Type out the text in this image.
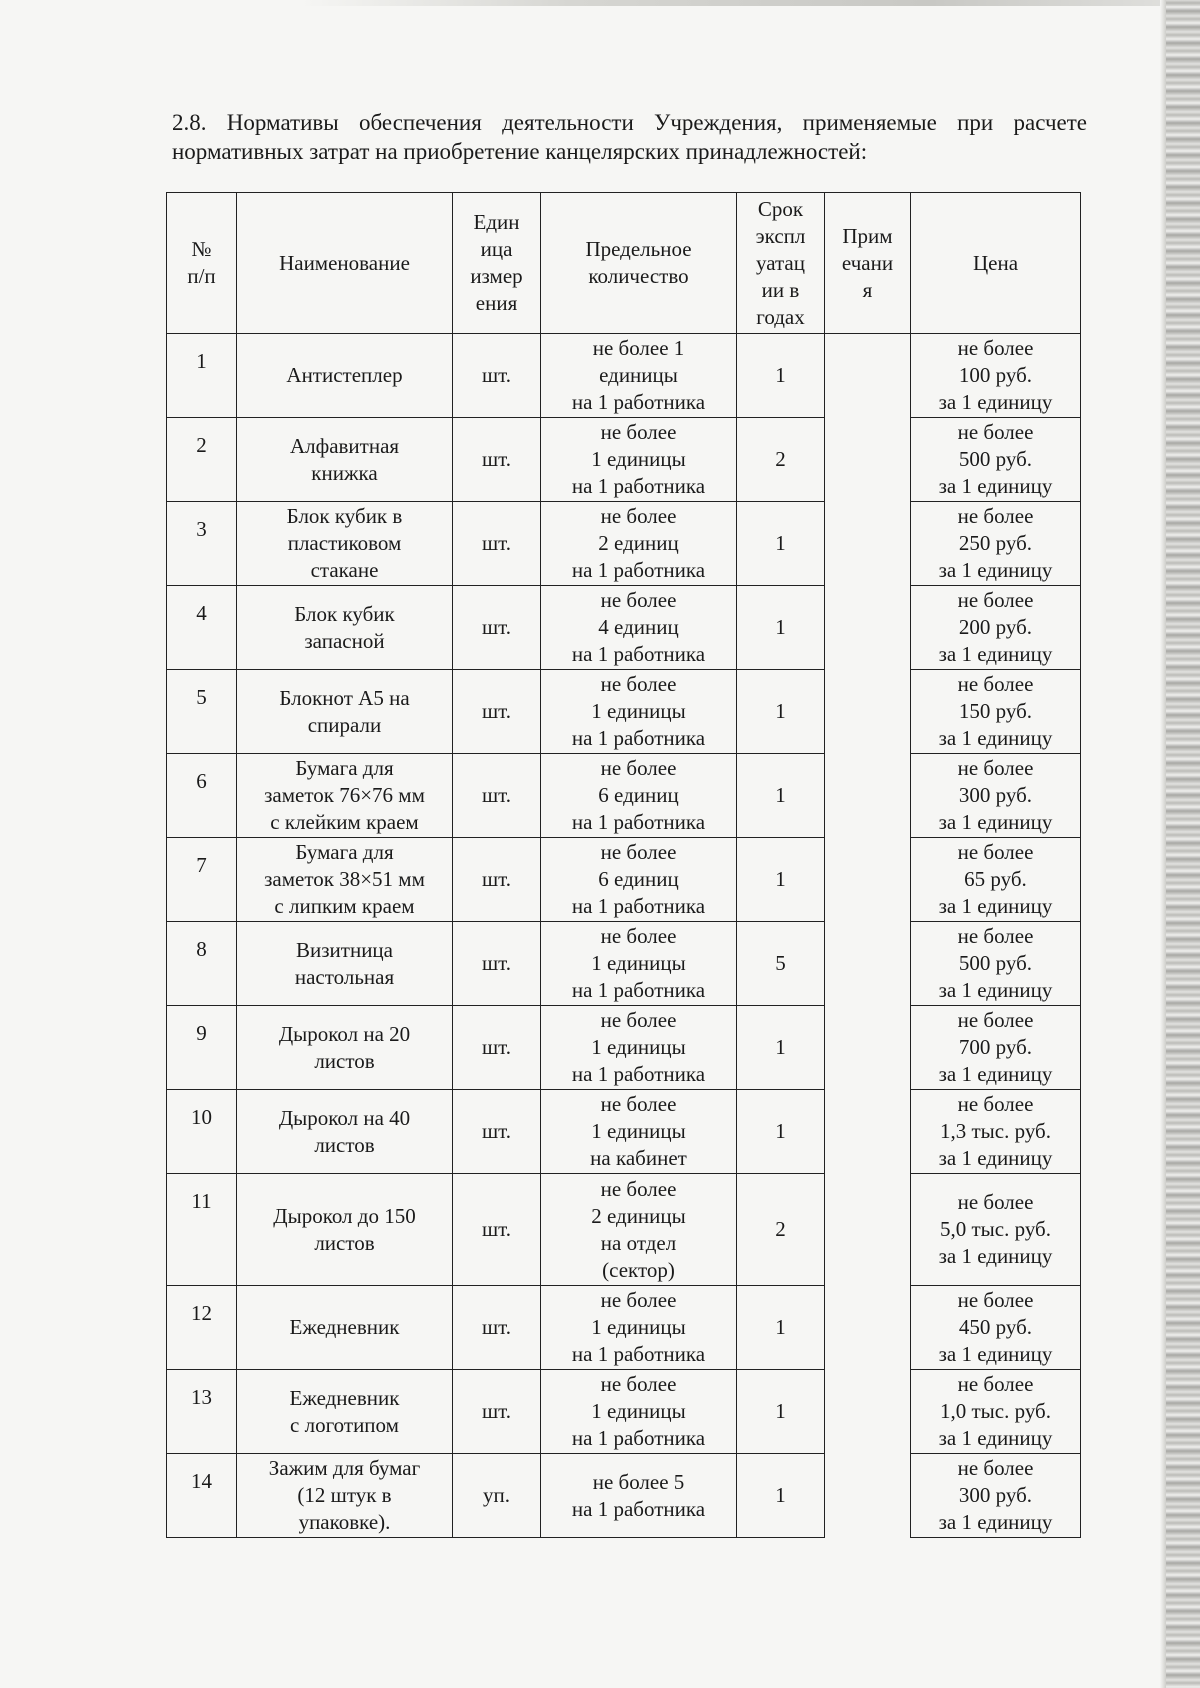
2.8. Нормативы обеспечения деятельности Учреждения, применяемые при расчете нормативных затрат на приобретение канцелярских принадлежностей:
№
п/п	Наименование	Един
ица
измер
ения	Предельное
количество	Срок
экспл
уатац
ии в
годах	Прим
ечани
я	Цена
1	Антистеплер	шт.	не более 1
единицы
на 1 работника	1		не более
100 руб.
за 1 единицу
2	Алфавитная
книжка	шт.	не более
1 единицы
на 1 работника	2		не более
500 руб.
за 1 единицу
3	Блок кубик в
пластиковом
стакане	шт.	не более
2 единиц
на 1 работника	1		не более
250 руб.
за 1 единицу
4	Блок кубик
запасной	шт.	не более
4 единиц
на 1 работника	1		не более
200 руб.
за 1 единицу
5	Блокнот А5 на
спирали	шт.	не более
1 единицы
на 1 работника	1		не более
150 руб.
за 1 единицу
6	Бумага для
заметок 76×76 мм
с клейким краем	шт.	не более
6 единиц
на 1 работника	1		не более
300 руб.
за 1 единицу
7	Бумага для
заметок 38×51 мм
с липким краем	шт.	не более
6 единиц
на 1 работника	1		не более
65 руб.
за 1 единицу
8	Визитница
настольная	шт.	не более
1 единицы
на 1 работника	5		не более
500 руб.
за 1 единицу
9	Дырокол на 20
листов	шт.	не более
1 единицы
на 1 работника	1		не более
700 руб.
за 1 единицу
10	Дырокол на 40
листов	шт.	не более
1 единицы
на кабинет	1		не более
1,3 тыс. руб.
за 1 единицу
11	Дырокол до 150
листов	шт.	не более
2 единицы
на отдел
(сектор)	2		не более
5,0 тыс. руб.
за 1 единицу
12	Ежедневник	шт.	не более
1 единицы
на 1 работника	1		не более
450 руб.
за 1 единицу
13	Ежедневник
с логотипом	шт.	не более
1 единицы
на 1 работника	1		не более
1,0 тыс. руб.
за 1 единицу
14	Зажим для бумаг
(12 штук в
упаковке).	уп.	не более 5
на 1 работника	1		не более
300 руб.
за 1 единицу
